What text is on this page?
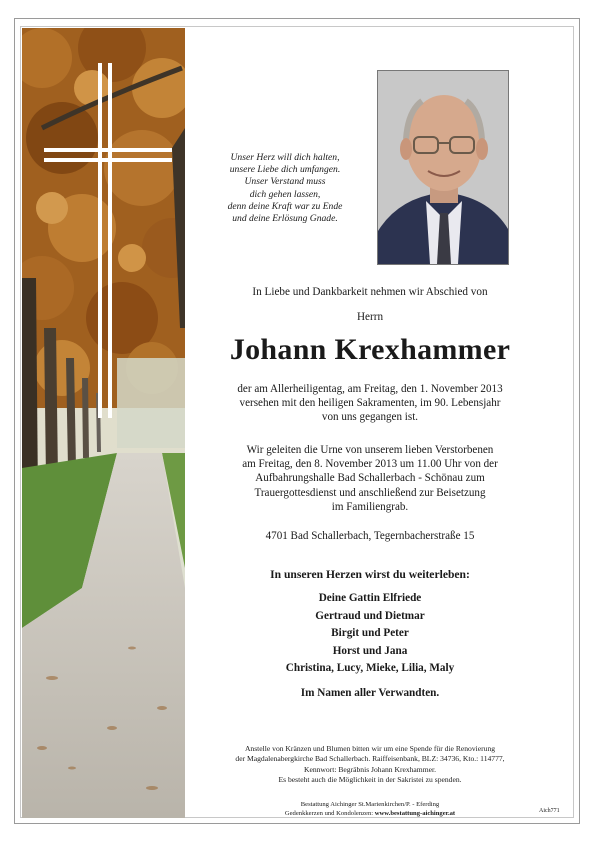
Unser Herz will dich halten,
unsere Liebe dich umfangen.
Unser Verstand muss
dich gehen lassen,
denn deine Kraft war zu Ende
und deine Erlösung Gnade.
In Liebe und Dankbarkeit nehmen wir Abschied von
Herrn
Johann Krexhammer
der am Allerheiligentag, am Freitag, den 1. November 2013
versehen mit den heiligen Sakramenten, im 90. Lebensjahr
von uns gegangen ist.
Wir geleiten die Urne von unserem lieben Verstorbenen
am Freitag, den 8. November 2013 um 11.00 Uhr von der
Aufbahrungshalle Bad Schallerbach - Schönau zum
Trauergottesdienst und anschließend zur Beisetzung
im Familiengrab.
4701 Bad Schallerbach, Tegernbacherstraße 15
In unseren Herzen wirst du weiterleben:
Deine Gattin Elfriede
Gertraud und Dietmar
Birgit und Peter
Horst und Jana
Christina, Lucy, Mieke, Lilia, Maly
Im Namen aller Verwandten.
Anstelle von Kränzen und Blumen bitten wir um eine Spende für die Renovierung
der Magdalenabergkirche Bad Schallerbach. Raiffeisenbank, BLZ: 34736, Kto.: 114777,
Kennwort: Begräbnis Johann Krexhammer.
Es besteht auch die Möglichkeit in der Sakristei zu spenden.
Bestattung Aichinger St.Marienkirchen/P. - Eferding
Gedenkkerzen und Kondolenzen: www.bestattung-aichinger.at	Aich771
